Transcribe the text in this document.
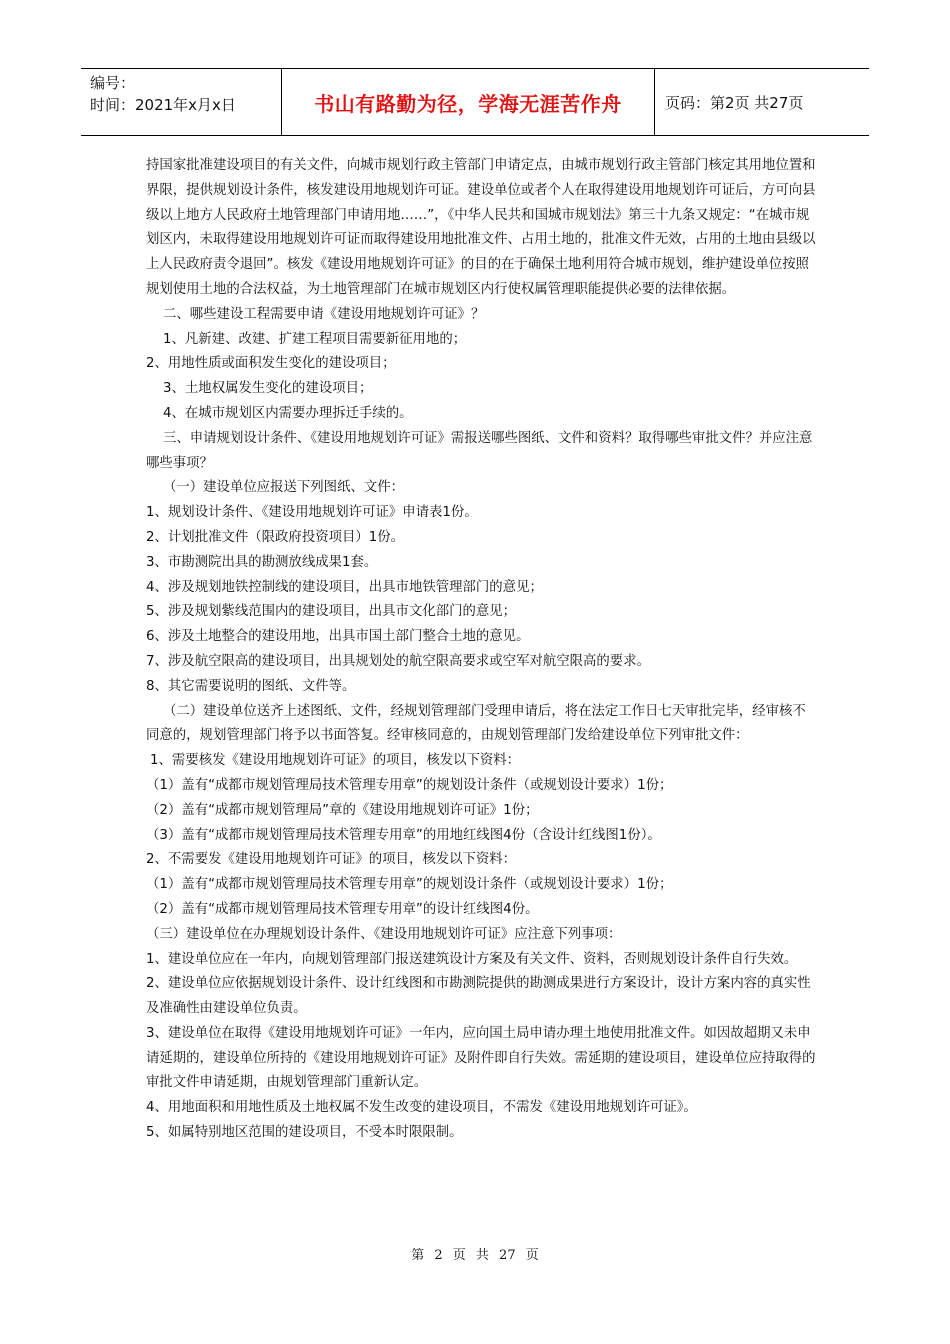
编号：
时间：2021年x月x日	书山有路勤为径，学海无涯苦作舟	页码：第2页 共27页

持国家批准建设项目的有关文件，向城市规划行政主管部门申请定点，由城市规划行政主管部门核定其用地位置和界限，提供规划设计条件，核发建设用地规划许可证。建设单位或者个人在取得建设用地规划许可证后，方可向县级以上地方人民政府土地管理部门申请用地……”，《中华人民共和国城市规划法》第三十九条又规定：“在城市规划区内，未取得建设用地规划许可证而取得建设用地批准文件、占用土地的，批准文件无效，占用的土地由县级以上人民政府责令退回”。核发《建设用地规划许可证》的目的在于确保土地利用符合城市规划，维护建设单位按照规划使用土地的合法权益，为土地管理部门在城市规划区内行使权属管理职能提供必要的法律依据。

二、哪些建设工程需要申请《建设用地规划许可证》？

1、凡新建、改建、扩建工程项目需要新征用地的；

2、用地性质或面积发生变化的建设项目；

3、土地权属发生变化的建设项目；

4、在城市规划区内需要办理拆迁手续的。

三、申请规划设计条件、《建设用地规划许可证》需报送哪些图纸、文件和资料？取得哪些审批文件？并应注意哪些事项？

（一）建设单位应报送下列图纸、文件：

1、规划设计条件、《建设用地规划许可证》申请表1份。

2、计划批准文件（限政府投资项目）1份。

3、市勘测院出具的勘测放线成果1套。

4、涉及规划地铁控制线的建设项目，出具市地铁管理部门的意见；

5、涉及规划紫线范围内的建设项目，出具市文化部门的意见；

6、涉及土地整合的建设用地，出具市国土部门整合土地的意见。

7、涉及航空限高的建设项目，出具规划处的航空限高要求或空军对航空限高的要求。

8、其它需要说明的图纸、文件等。

（二）建设单位送齐上述图纸、文件，经规划管理部门受理申请后，将在法定工作日七天审批完毕，经审核不同意的，规划管理部门将予以书面答复。经审核同意的，由规划管理部门发给建设单位下列审批文件：

1、需要核发《建设用地规划许可证》的项目，核发以下资料：

（1）盖有“成都市规划管理局技术管理专用章”的规划设计条件（或规划设计要求）1份；

（2）盖有“成都市规划管理局”章的《建设用地规划许可证》1份；

（3）盖有“成都市规划管理局技术管理专用章”的用地红线图4份（含设计红线图1份）。

2、不需要发《建设用地规划许可证》的项目，核发以下资料：

（1）盖有“成都市规划管理局技术管理专用章”的规划设计条件（或规划设计要求）1份；

（2）盖有“成都市规划管理局技术管理专用章”的设计红线图4份。

（三）建设单位在办理规划设计条件、《建设用地规划许可证》应注意下列事项：

1、建设单位应在一年内，向规划管理部门报送建筑设计方案及有关文件、资料，否则规划设计条件自行失效。

2、建设单位应依据规划设计条件、设计红线图和市勘测院提供的勘测成果进行方案设计，设计方案内容的真实性及准确性由建设单位负责。

3、建设单位在取得《建设用地规划许可证》一年内，应向国土局申请办理土地使用批准文件。如因故超期又未申请延期的，建设单位所持的《建设用地规划许可证》及附件即自行失效。需延期的建设项目，建设单位应持取得的审批文件申请延期，由规划管理部门重新认定。

4、用地面积和用地性质及土地权属不发生改变的建设项目，不需发《建设用地规划许可证》。

5、如属特别地区范围的建设项目，不受本时限限制。

第 2 页 共 27 页
